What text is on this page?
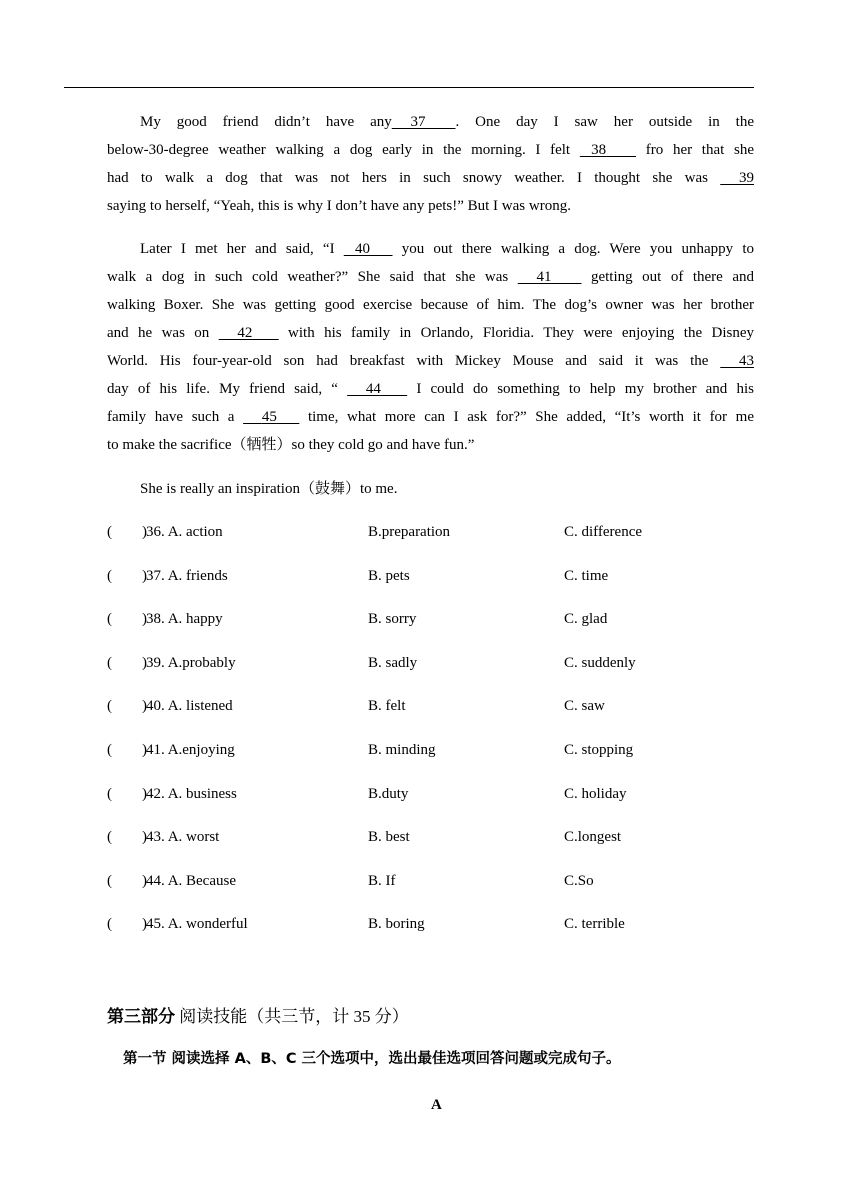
My good friend didn’t have any 37 . One day I saw her outside in the
below-30-degree weather walking a dog early in the morning. I felt    38         fro her that she
had to walk a dog that was not hers in such snowy weather. I thought she was      39
saying to herself, “Yeah, this is why I don’t have any pets!” But I was wrong.
Later I met her and said, “I    40       you out there walking a dog. Were you unhappy to
walk a dog in such cold weather?” She said that she was      41         getting out of there and
walking Boxer. She was getting good exercise because of him. The dog’s owner was her brother
and he was on      42        with his family in Orlando, Floridia. They were enjoying the Disney
World. His four-year-old son had breakfast with Mickey Mouse and said it was the      43
day of his life. My friend said, “      44        I could do something to help my brother and his
family have such a      45       time, what more can I ask for?” She added, “It’s worth it for me
to make the sacrifice（牺牲）so they cold go and have fun.”
She is really an inspiration（鼓舞）to me.
(        ) 36. A. action	B.preparation	C. difference
(        ) 37. A. friends	B. pets	C. time
(        ) 38. A. happy	B. sorry	C. glad
(        ) 39. A.probably	B. sadly	C. suddenly
(        ) 40. A. listened	B. felt	C. saw
(        ) 41. A.enjoying	B. minding	C. stopping
(        ) 42. A. business	B.duty	C. holiday
(        ) 43. A. worst	B. best	C.longest
(        ) 44. A. Because	B. If	C.So
(        ) 45. A. wonderful	B. boring	C. terrible
第三部分 阅读技能（共三节，计 35 分）
第一节 阅读选择 A、B、C 三个选项中，选出最佳选项回答问题或完成句子。
A
